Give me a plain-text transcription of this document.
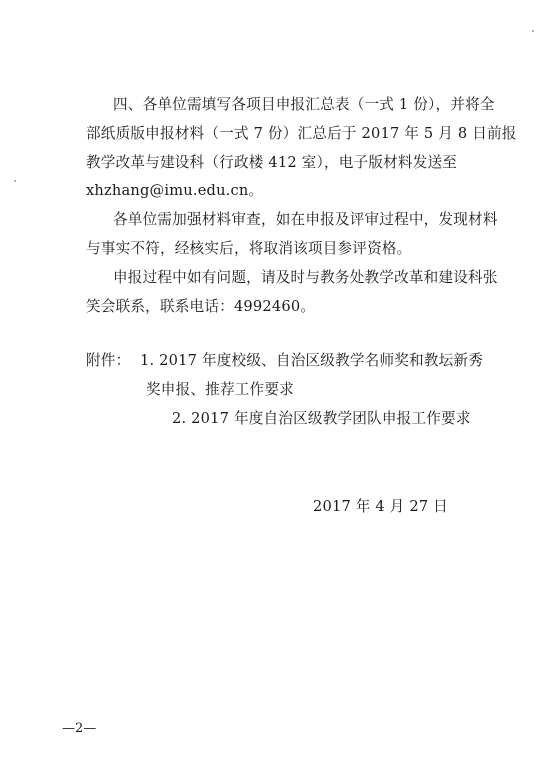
四、各单位需填写各项目申报汇总表（一式 1 份），并将全
部纸质版申报材料（一式 7 份）汇总后于 2017 年 5 月 8 日前报
教学改革与建设科（行政楼 412 室），电子版材料发送至
xhzhang@imu.edu.cn。
各单位需加强材料审查，如在申报及评审过程中，发现材料
与事实不符，经核实后，将取消该项目参评资格。
申报过程中如有问题，请及时与教务处教学改革和建设科张
笑会联系，联系电话：4992460。
附件： 1. 2017 年度校级、自治区级教学名师奖和教坛新秀
奖申报、推荐工作要求
2. 2017 年度自治区级教学团队申报工作要求
2017 年 4 月 27 日
—2—
